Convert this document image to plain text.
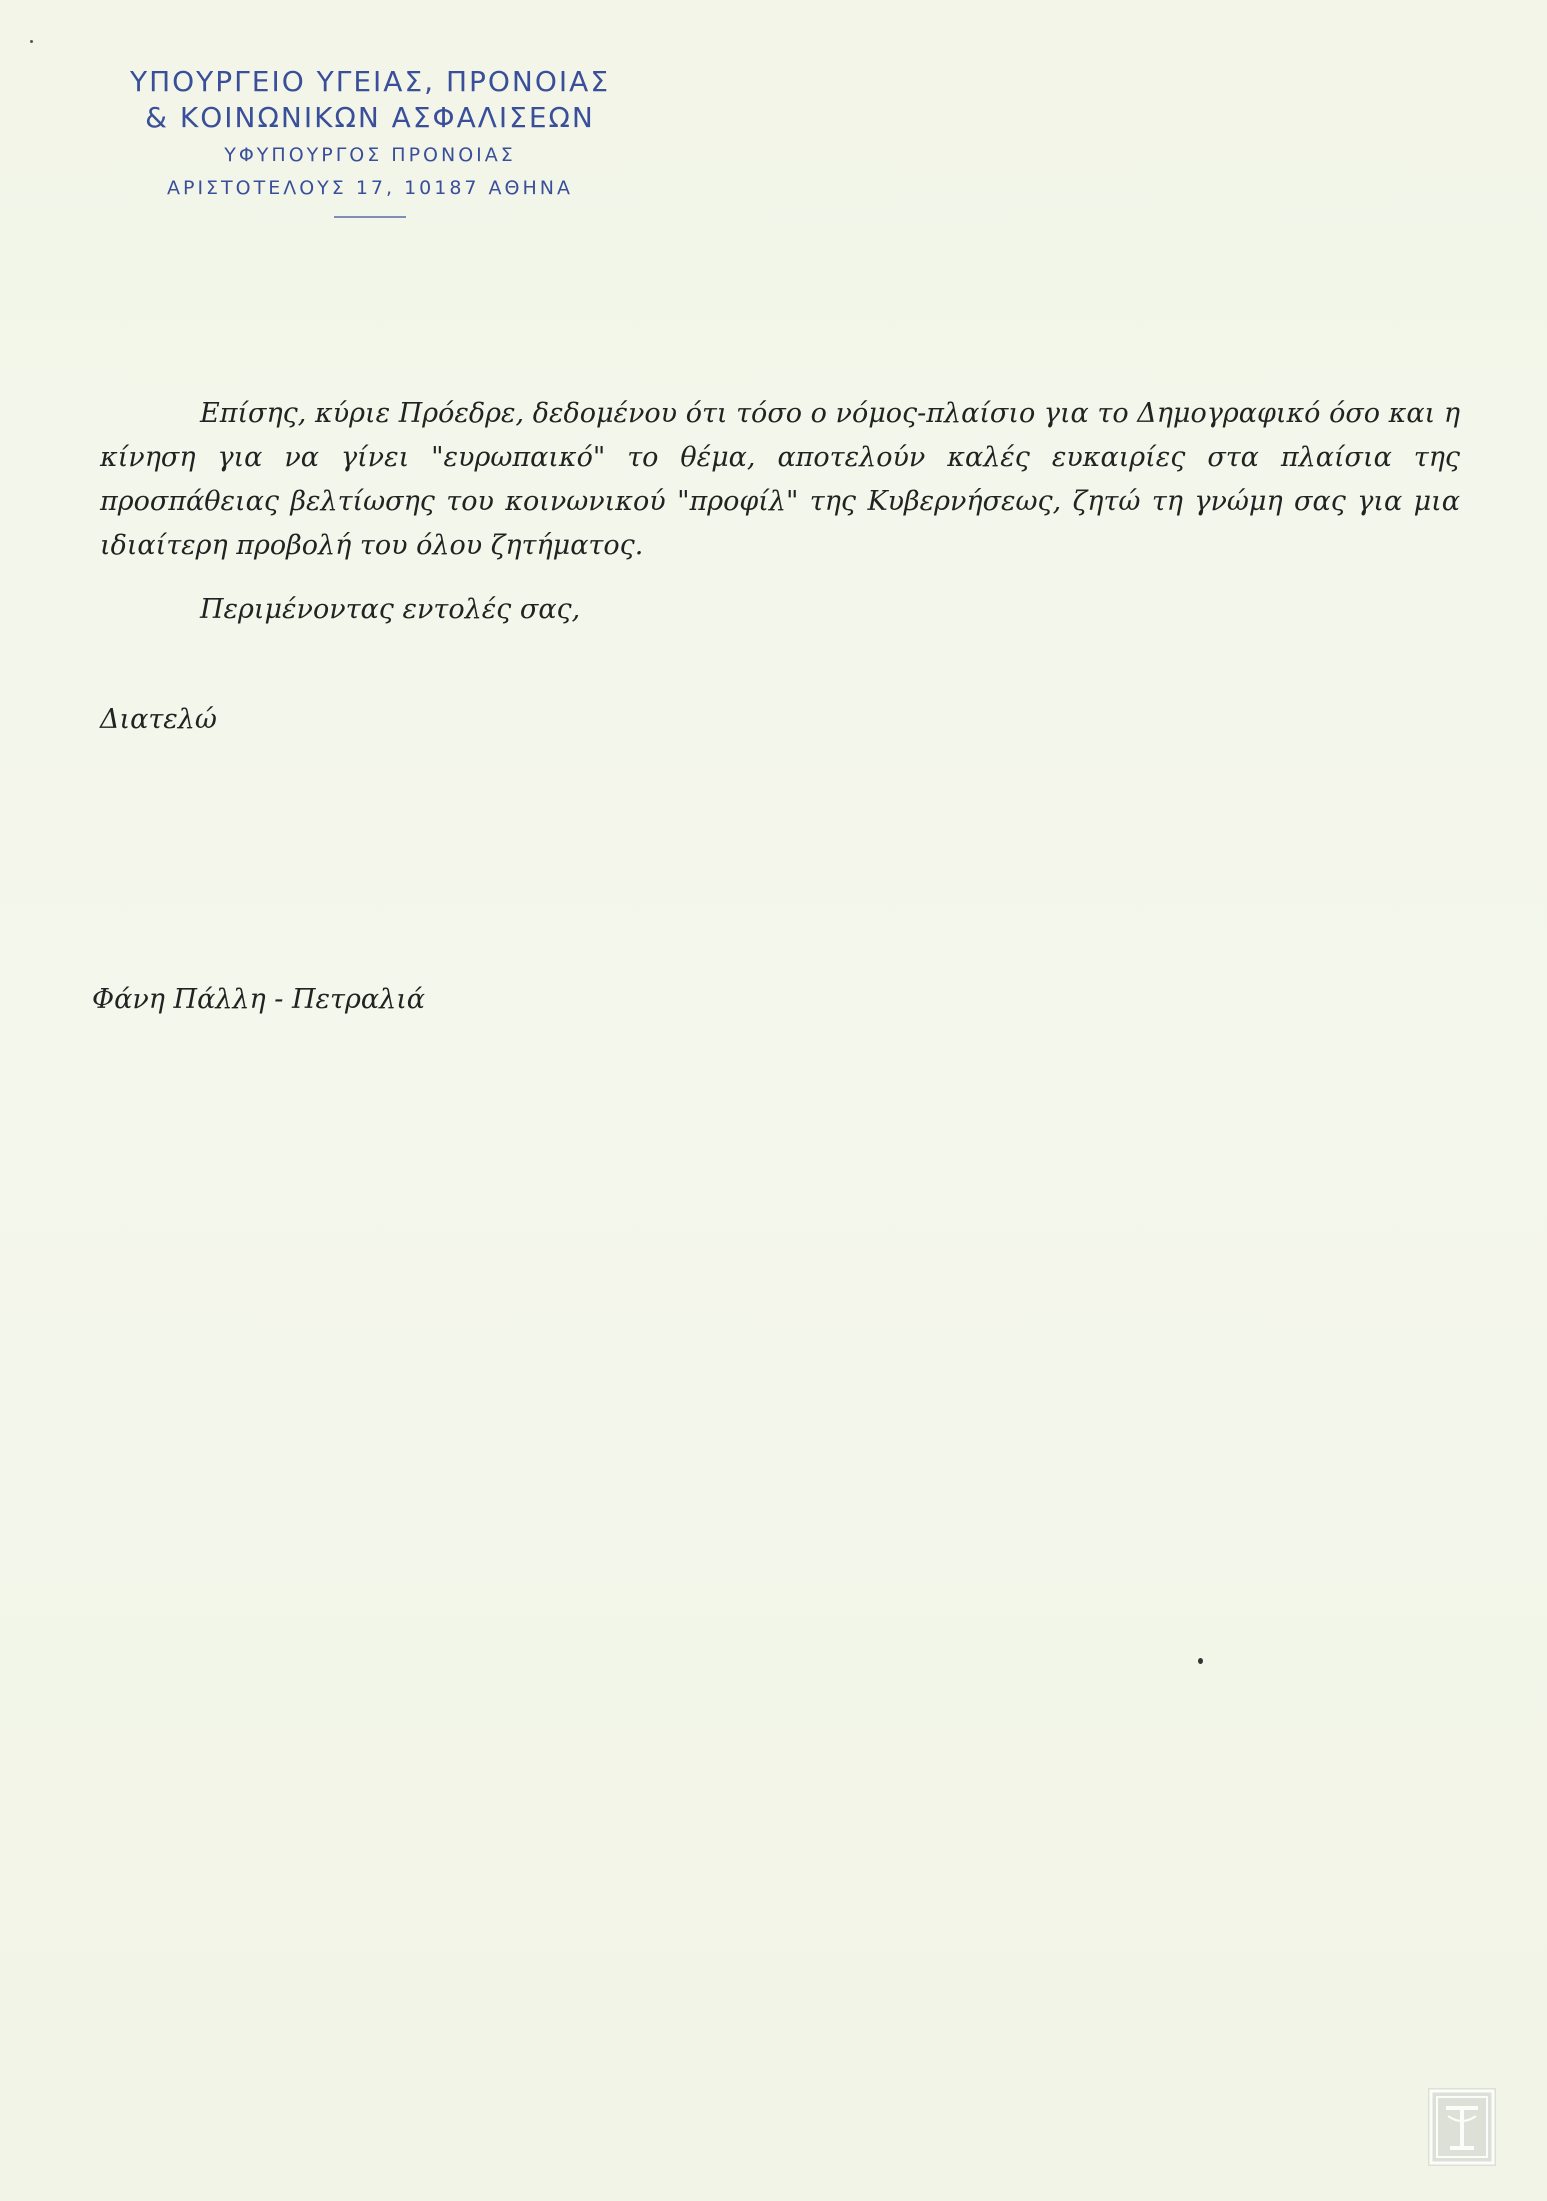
ΥΠΟΥΡΓΕΙΟ ΥΓΕΙΑΣ, ΠΡΟΝΟΙΑΣ
& ΚΟΙΝΩΝΙΚΩΝ ΑΣΦΑΛΙΣΕΩΝ
ΥΦΥΠΟΥΡΓΟΣ ΠΡΟΝΟΙΑΣ
ΑΡΙΣΤΟΤΕΛΟΥΣ 17, 10187 ΑΘΗΝΑ

Επίσης, κύριε Πρόεδρε, δεδομένου ότι τόσο ο νόμος-πλαίσιο για το Δημογραφικό όσο και η κίνηση για να γίνει "ευρωπαικό" το θέμα, αποτελούν καλές ευκαιρίες στα πλαίσια της προσπάθειας βελτίωσης του κοινωνικού "προφίλ" της Κυβερνήσεως, ζητώ τη γνώμη σας για μια ιδιαίτερη προβολή του όλου ζητήματος.

Περιμένοντας εντολές σας,
Διατελώ
Φάνη Πάλλη - Πετραλιά
